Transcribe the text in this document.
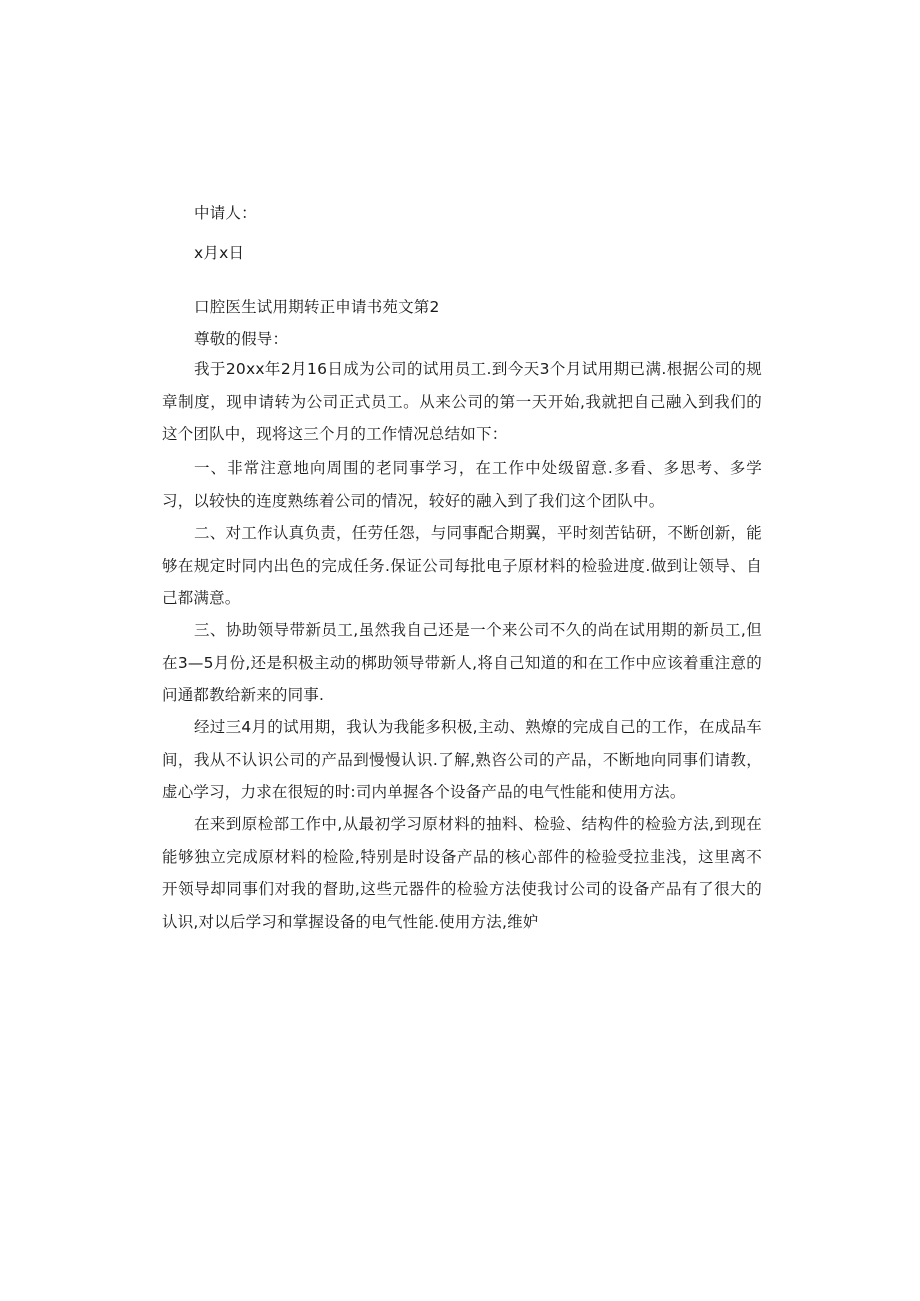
中请人：
x月x日
口腔医生试用期转正申请书苑文第2
尊敬的假导：

我于20xx年2月16日成为公司的试用员工.到今天3个月试用期已满.根据公司的规章制度，现申请转为公司正式员工。从来公司的第一天开始,我就把自己融入到我们的这个团队中，现将这三个月的工作情况总结如下：

一、非常注意地向周围的老同事学习，在工作中处级留意.多看、多思考、多学习，以较快的连度熟练着公司的情况，较好的融入到了我们这个团队中。

二、对工作认真负责，任劳任怨，与同事配合期翼，平时刻苦钻研，不断创新，能够在规定时同内出色的完成任务.保证公司每批电子原材料的检验进度.做到让领导、自己都满意。

三、协助领导带新员工,虽然我自己还是一个来公司不久的尚在试用期的新员工,但在3—5月份,还是积极主动的梆助领导带新人,将自己知道的和在工作中应该着重注意的问通都教给新来的同事.

经过三4月的试用期，我认为我能多积极,主动、熟燎的完成自己的工作，在成品车间，我从不认识公司的产品到慢慢认识.了解,熟咨公司的产品，不断地向同事们请教，虚心学习，力求在很短的时:司内单握各个设备产品的电气性能和使用方法。

在来到原检部工作中,从最初学习原材料的抽料、检验、结构件的检验方法,到现在能够独立完成原材料的检险,特别是时设备产品的核心部件的检验受拉韭浅，这里离不开领导却同事们对我的督助,这些元器件的检验方法使我讨公司的设备产品有了很大的认识,对以后学习和掌握设备的电气性能.使用方法,维妒
